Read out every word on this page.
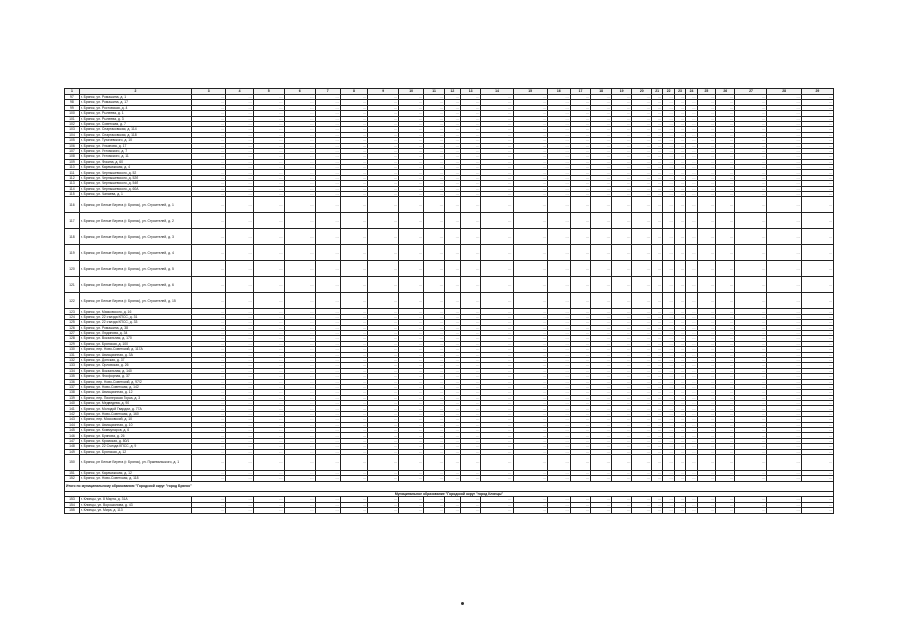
1	2	3	4	5	6	7	8	9	10	11	12	13	14	15	16	17	18	19	20	21	22	23	24	25	26	27	28	29
97	г. Брянск, ул. Ромашина, д. 1	…	…	…	…	…	…	…	…	…	…	…	…	…	…	…	…	…	…	…	…	…	…	…	…	…	…	…
98	г. Брянск, ул. Ромашина, д. 17	…	…	…	…	…	…	…	…	…	…	…	…	…	…	…	…	…	…	…	…	…	…	…	…	…	…	…
99	г. Брянск, ул. Ростовская, д. 4	…	…	…	…	…	…	…	…	…	…	…	…	…	…	…	…	…	…	…	…	…	…	…	…	…	…	…
100	г. Брянск, ул. Рылеева, д. 1	…	…	…	…	…	…	…	…	…	…	…	…	…	…	…	…	…	…	…	…	…	…	…	…	…	…	…
101	г. Брянск, ул. Рылеева, д. 3	…	…	…	…	…	…	…	…	…	…	…	…	…	…	…	…	…	…	…	…	…	…	…	…	…	…	…
102	г. Брянск, ул. Советская, д. 7	…	…	…	…	…	…	…	…	…	…	…	…	…	…	…	…	…	…	…	…	…	…	…	…	…	…	…
103	г. Брянск, ул. Спартаковская, д. 114	…	…	…	…	…	…	…	…	…	…	…	…	…	…	…	…	…	…	…	…	…	…	…	…	…	…	…
104	г. Брянск, ул. Спартаковская, д. 118	…	…	…	…	…	…	…	…	…	…	…	…	…	…	…	…	…	…	…	…	…	…	…	…	…	…	…
105	г. Брянск, ул. Тухачевского, д. 10	…	…	…	…	…	…	…	…	…	…	…	…	…	…	…	…	…	…	…	…	…	…	…	…	…	…	…
106	г. Брянск, ул. Ульянова, д. 17	…	…	…	…	…	…	…	…	…	…	…	…	…	…	…	…	…	…	…	…	…	…	…	…	…	…	…
107	г. Брянск, ул. Ухтомского, д. 7	…	…	…	…	…	…	…	…	…	…	…	…	…	…	…	…	…	…	…	…	…	…	…	…	…	…	…
108	г. Брянск, ул. Ухтомского, д. 11	…	…	…	…	…	…	…	…	…	…	…	…	…	…	…	…	…	…	…	…	…	…	…	…	…	…	…
109	г. Брянск, ул. Фокина, д. 60	…	…	…	…	…	…	…	…	…	…	…	…	…	…	…	…	…	…	…	…	…	…	…	…	…	…	…
110	г. Брянск, ул. Карачижская, д. 4	…	…	…	…	…	…	…	…	…	…	…	…	…	…	…	…	…	…	…	…	…	…	…	…	…	…	…
111	г. Брянск, ул. Чернышевского, д. 52	…	…	…	…	…	…	…	…	…	…	…	…	…	…	…	…	…	…	…	…	…	…	…	…	…	…	…
112	г. Брянск, ул. Чернышевского, д. 52б	…	…	…	…	…	…	…	…	…	…	…	…	…	…	…	…	…	…	…	…	…	…	…	…	…	…	…
113	г. Брянск, ул. Чернышевского, д. 54б	…	…	…	…	…	…	…	…	…	…	…	…	…	…	…	…	…	…	…	…	…	…	…	…	…	…	…
114	г. Брянск, ул. Чернышевского, д. 60А	…	…	…	…	…	…	…	…	…	…	…	…	…	…	…	…	…	…	…	…	…	…	…	…	…	…	…
115	г. Брянск, ул. Чапаева, д. 1	…	…	…	…	…	…	…	…	…	…	…	…	…	…	…	…	…	…	…	…	…	…	…	…	…	…	…
116	г. Брянск, рп Белые Берега (г. Брянск), ул. Строителей, д. 1	…	…	…	…	…	…	…	…	…	…	…	…	…	…	…	…	…	…	…	…	…	…	…	…	…	…	…
117	г. Брянск, рп Белые Берега (г. Брянск), ул. Строителей, д. 2	…	…	…	…	…	…	…	…	…	…	…	…	…	…	…	…	…	…	…	…	…	…	…	…	…	…	…
118	г. Брянск, рп Белые Берега (г. Брянск), ул. Строителей, д. 3	…	…	…	…	…	…	…	…	…	…	…	…	…	…	…	…	…	…	…	…	…	…	…	…	…	…	…
119	г. Брянск, рп Белые Берега (г. Брянск), ул. Строителей, д. 4	…	…	…	…	…	…	…	…	…	…	…	…	…	…	…	…	…	…	…	…	…	…	…	…	…	…	…
120	г. Брянск, рп Белые Берега (г. Брянск), ул. Строителей, д. 5	…	…	…	…	…	…	…	…	…	…	…	…	…	…	…	…	…	…	…	…	…	…	…	…	…	…	…
121	г. Брянск, рп Белые Берега (г. Брянск), ул. Строителей, д. 6	…	…	…	…	…	…	…	…	…	…	…	…	…	…	…	…	…	…	…	…	…	…	…	…	…	…	…
122	г. Брянск, рп Белые Берега (г. Брянск), ул. Строителей, д. 15	…	…	…	…	…	…	…	…	…	…	…	…	…	…	…	…	…	…	…	…	…	…	…	…	…	…	…
123	г. Брянск, ул. Маяковского, д. 16	…	…	…	…	…	…	…	…	…	…	…	…	…	…	…	…	…	…	…	…	…	…	…	…	…	…	…
124	г. Брянск, ул. 22 съезда КПСС, д. 31	…	…	…	…	…	…	…	…	…	…	…	…	…	…	…	…	…	…	…	…	…	…	…	…	…	…	…
125	г. Брянск, ул. 22 съезда КПСС, д. 33	…	…	…	…	…	…	…	…	…	…	…	…	…	…	…	…	…	…	…	…	…	…	…	…	…	…	…
126	г. Брянск, ул. Ромашина, д. 38	…	…	…	…	…	…	…	…	…	…	…	…	…	…	…	…	…	…	…	…	…	…	…	…	…	…	…
127	г. Брянск, ул. Людинова, д. 34	…	…	…	…	…	…	…	…	…	…	…	…	…	…	…	…	…	…	…	…	…	…	…	…	…	…	…
128	г. Брянск, ул. Вокзальная, д. 170	…	…	…	…	…	…	…	…	…	…	…	…	…	…	…	…	…	…	…	…	…	…	…	…	…	…	…
129	г. Брянск, ул. Брянская, д. 100	…	…	…	…	…	…	…	…	…	…	…	…	…	…	…	…	…	…	…	…	…	…	…	…	…	…	…
130	г. Брянск, пер. Ново-Советский, д. 117А	…	…	…	…	…	…	…	…	…	…	…	…	…	…	…	…	…	…	…	…	…	…	…	…	…	…	…
131	г. Брянск, ул. Авиационная, д. 3А	…	…	…	…	…	…	…	…	…	…	…	…	…	…	…	…	…	…	…	…	…	…	…	…	…	…	…
132	г. Брянск, ул. Донская, д. 37	…	…	…	…	…	…	…	…	…	…	…	…	…	…	…	…	…	…	…	…	…	…	…	…	…	…	…
133	г. Брянск, ул. Орловская, д. 26	…	…	…	…	…	…	…	…	…	…	…	…	…	…	…	…	…	…	…	…	…	…	…	…	…	…	…
134	г. Брянск, ул. Вокзальная, д. 140	…	…	…	…	…	…	…	…	…	…	…	…	…	…	…	…	…	…	…	…	…	…	…	…	…	…	…
135	г. Брянск, ул. Фосфорная, д. 37	…	…	…	…	…	…	…	…	…	…	…	…	…	…	…	…	…	…	…	…	…	…	…	…	…	…	…
136	г. Брянск, пер. Ново-Советский, д. 97/2	…	…	…	…	…	…	…	…	…	…	…	…	…	…	…	…	…	…	…	…	…	…	…	…	…	…	…
137	г. Брянск, ул. Ново-Советская, д. 142	…	…	…	…	…	…	…	…	…	…	…	…	…	…	…	…	…	…	…	…	…	…	…	…	…	…	…
138	г. Брянск, ул. Авиационная, д. 12	…	…	…	…	…	…	…	…	…	…	…	…	…	…	…	…	…	…	…	…	…	…	…	…	…	…	…
139	г. Брянск, пер. Пионерская Горка, д. 3	…	…	…	…	…	…	…	…	…	…	…	…	…	…	…	…	…	…	…	…	…	…	…	…	…	…	…
140	г. Брянск, ул. Медведева, д. 90	…	…	…	…	…	…	…	…	…	…	…	…	…	…	…	…	…	…	…	…	…	…	…	…	…	…	…
141	г. Брянск, ул. Молодой Гвардии, д. 77А	…	…	…	…	…	…	…	…	…	…	…	…	…	…	…	…	…	…	…	…	…	…	…	…	…	…	…
142	г. Брянск, ул. Ново-Советская, д. 160	…	…	…	…	…	…	…	…	…	…	…	…	…	…	…	…	…	…	…	…	…	…	…	…	…	…	…
143	г. Брянск, пер. Московский, д. 10	…	…	…	…	…	…	…	…	…	…	…	…	…	…	…	…	…	…	…	…	…	…	…	…	…	…	…
144	г. Брянск, ул. Авиационная, д. 10	…	…	…	…	…	…	…	…	…	…	…	…	…	…	…	…	…	…	…	…	…	…	…	…	…	…	…
145	г. Брянск, ул. Коммунаров, д. 6	…	…	…	…	…	…	…	…	…	…	…	…	…	…	…	…	…	…	…	…	…	…	…	…	…	…	…
146	г. Брянск, ул. Буянова, д. 26	…	…	…	…	…	…	…	…	…	…	…	…	…	…	…	…	…	…	…	…	…	…	…	…	…	…	…
147	г. Брянск, ул. Кромская, д. 80/1	…	…	…	…	…	…	…	…	…	…	…	…	…	…	…	…	…	…	…	…	…	…	…	…	…	…	…
148	г. Брянск, ул. 22 Съезда КПСС, д. 9	…	…	…	…	…	…	…	…	…	…	…	…	…	…	…	…	…	…	…	…	…	…	…	…	…	…	…
149	г. Брянск, ул. Брянская, д. 12	…	…	…	…	…	…	…	…	…	…	…	…	…	…	…	…	…	…	…	…	…	…	…	…	…	…	…
150	г. Брянск, рп Белые Берега (г. Брянск), ул. Пржевальского, д. 1	…	…	…	…	…	…	…	…	…	…	…	…	…	…	…	…	…	…	…	…	…	…	…	…	…	…	…
151	г. Брянск, ул. Карачижская, д. 12	…	…	…	…	…	…	…	…	…	…	…	…	…	…	…	…	…	…	…	…	…	…	…	…	…	…	…
152	г. Брянск, ул. Ново-Советская, д. 118	…	…	…	…	…	…	…	…	…	…	…	…	…	…	…	…	…	…	…	…	…	…	…	…	…	…	…
Итого по муниципальному образованию "Городской округ "город Брянск"																												
Муниципальное образование "Городской округ "город Клинцы"																												
153	г. Клинцы, ул. 8 Марта, д. 31А	…	…	…	…	…	…	…	…	…	…	…	…	…	…	…	…	…	…	…	…	…	…	…	…	…	…	…
154	г. Клинцы, ул. Ворошилова, д. 43	…	…	…	…	…	…	…	…	…	…	…	…	…	…	…	…	…	…	…	…	…	…	…	…	…	…	…
155	г. Клинцы, ул. Мира, д. 113	…	…	…	…	…	…	…	…	…	…	…	…	…	…	…	…	…	…	…	…	…	…	…	…	…	…	…
